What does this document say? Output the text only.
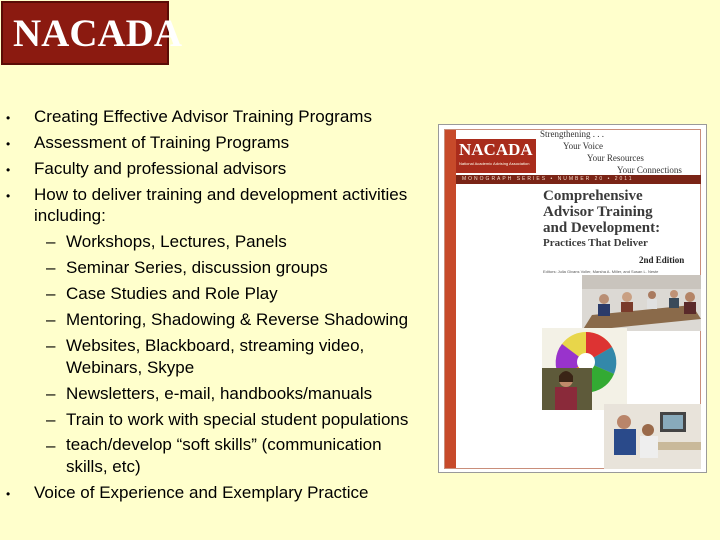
NACADA
• Creating Effective Advisor Training Programs
• Assessment of Training Programs
• Faculty and professional advisors
• How to deliver training and development activities
including:
– Workshops, Lectures, Panels
– Seminar Series, discussion groups
– Case Studies and Role Play
– Mentoring, Shadowing & Reverse Shadowing
– Websites, Blackboard, streaming video,
Webinars, Skype
– Newsletters, e-mail, handbooks/manuals
– Train to work with special student populations
– teach/develop “soft skills” (communication
skills, etc)
• Voice of Experience and Exemplary Practice
NACADA
National Academic Advising Association
Strengthening . . .
Your Voice
Your Resources
Your Connections
MONOGRAPH SERIES • NUMBER 20 • 2011
Comprehensive
Advisor Training
and Development:
Practices That Deliver
2nd Edition
Editors: Julia Givans Voller, Marsha A. Miller, and Susan L. Neste
